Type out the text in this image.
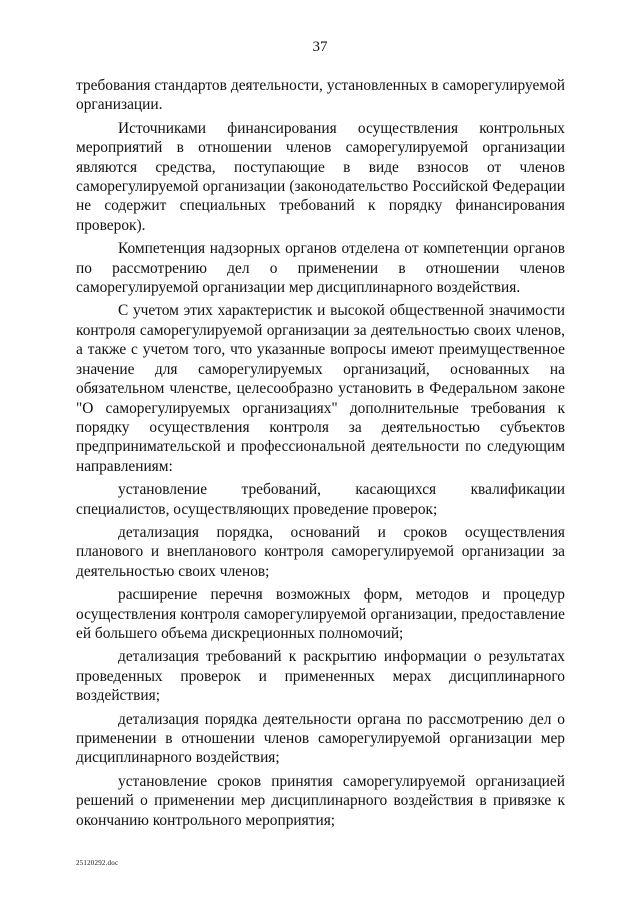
37

требования стандартов деятельности, установленных в саморегулируемой организации.

Источниками финансирования осуществления контрольных мероприятий в отношении членов саморегулируемой организации являются средства, поступающие в виде взносов от членов саморегулируемой организации (законодательство Российской Федерации не содержит специальных требований к порядку финансирования проверок).

Компетенция надзорных органов отделена от компетенции органов по рассмотрению дел о применении в отношении членов саморегулируемой организации мер дисциплинарного воздействия.

С учетом этих характеристик и высокой общественной значимости контроля саморегулируемой организации за деятельностью своих членов, а также с учетом того, что указанные вопросы имеют преимущественное значение для саморегулируемых организаций, основанных на обязательном членстве, целесообразно установить в Федеральном законе "О саморегулируемых организациях" дополнительные требования к порядку осуществления контроля за деятельностью субъектов предпринимательской и профессиональной деятельности по следующим направлениям:

установление требований, касающихся квалификации специалистов, осуществляющих проведение проверок;

детализация порядка, оснований и сроков осуществления планового и внепланового контроля саморегулируемой организации за деятельностью своих членов;

расширение перечня возможных форм, методов и процедур осуществления контроля саморегулируемой организации, предоставление ей большего объема дискреционных полномочий;

детализация требований к раскрытию информации о результатах проведенных проверок и примененных мерах дисциплинарного воздействия;

детализация порядка деятельности органа по рассмотрению дел о применении в отношении членов саморегулируемой организации мер дисциплинарного воздействия;

установление сроков принятия саморегулируемой организацией решений о применении мер дисциплинарного воздействия в привязке к окончанию контрольного мероприятия;

25120292.doc
